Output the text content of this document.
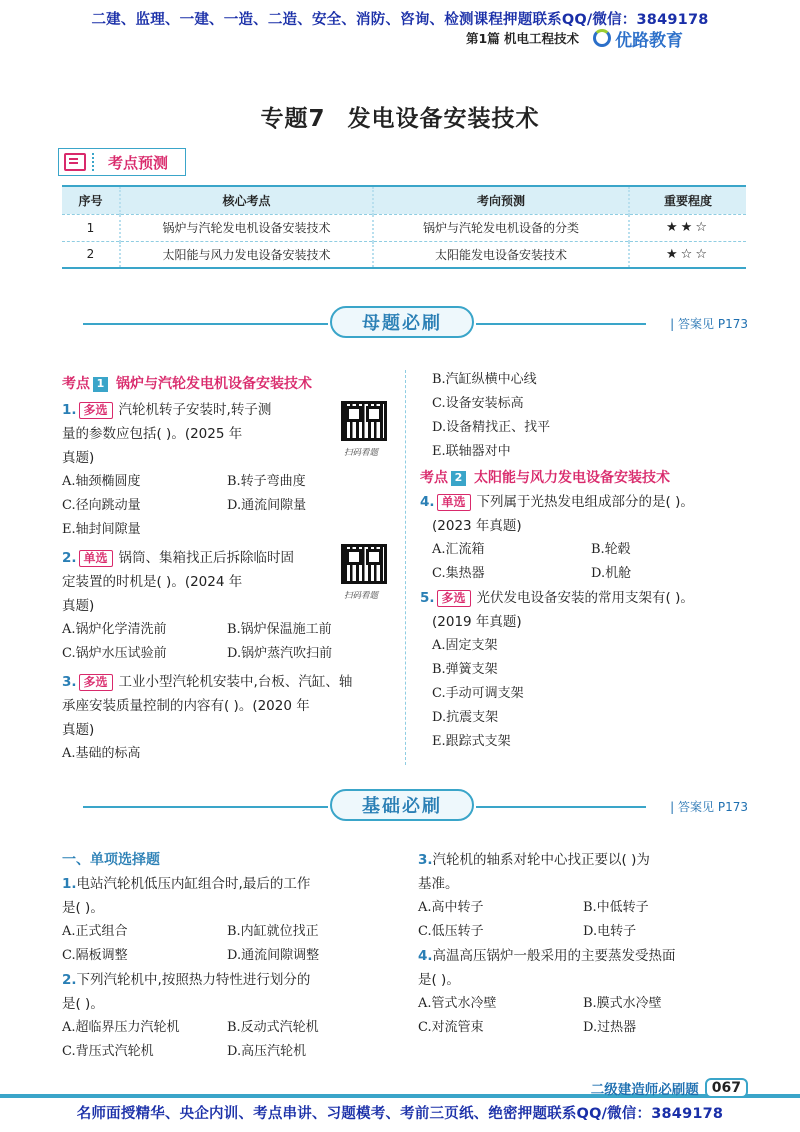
二建、监理、一建、一造、二造、安全、消防、咨询、检测课程押题联系QQ/微信：3849178
第1篇 机电工程技术 优路教育
专题7 发电设备安装技术
考点预测
序号	核心考点	考向预测	重要程度
1	锅炉与汽轮发电机设备安装技术	锅炉与汽轮发电机设备的分类	★★☆
2	太阳能与风力发电设备安装技术	太阳能发电设备安装技术	★☆☆
母题必刷	| 答案见 P173
考点 1 锅炉与汽轮发电机设备安装技术
1. 多选 汽轮机转子安装时,转子测
量的参数应包括( )。(2025 年
真题)
A.轴颈椭圆度	B.转子弯曲度
C.径向跳动量	D.通流间隙量
E.轴封间隙量
2. 单选 锅筒、集箱找正后拆除临时固
定装置的时机是( )。(2024 年
真题)
A.锅炉化学清洗前	B.锅炉保温施工前
C.锅炉水压试验前	D.锅炉蒸汽吹扫前
3. 多选 工业小型汽轮机安装中,台板、汽缸、轴
承座安装质量控制的内容有( )。(2020 年
真题)
A.基础的标高
扫码看题
扫码看题
B.汽缸纵横中心线
C.设备安装标高
D.设备精找正、找平
E.联轴器对中
考点 2 太阳能与风力发电设备安装技术
4. 单选 下列属于光热发电组成部分的是( )。
(2023 年真题)
A.汇流箱	B.轮毂
C.集热器	D.机舱
5. 多选 光伏发电设备安装的常用支架有( )。
(2019 年真题)
A.固定支架
B.弹簧支架
C.手动可调支架
D.抗震支架
E.跟踪式支架
基础必刷	| 答案见 P173
一、单项选择题
1.电站汽轮机低压内缸组合时,最后的工作
是( )。
A.正式组合	B.内缸就位找正
C.隔板调整	D.通流间隙调整
2.下列汽轮机中,按照热力特性进行划分的
是( )。
A.超临界压力汽轮机	B.反动式汽轮机
C.背压式汽轮机	D.高压汽轮机
3.汽轮机的轴系对轮中心找正要以( )为
基准。
A.高中转子	B.中低转子
C.低压转子	D.电转子
4.高温高压锅炉一般采用的主要蒸发受热面
是( )。
A.管式水冷壁	B.膜式水冷壁
C.对流管束	D.过热器
二级建造师必刷题 067
名师面授精华、央企内训、考点串讲、习题模考、考前三页纸、绝密押题联系QQ/微信：3849178
